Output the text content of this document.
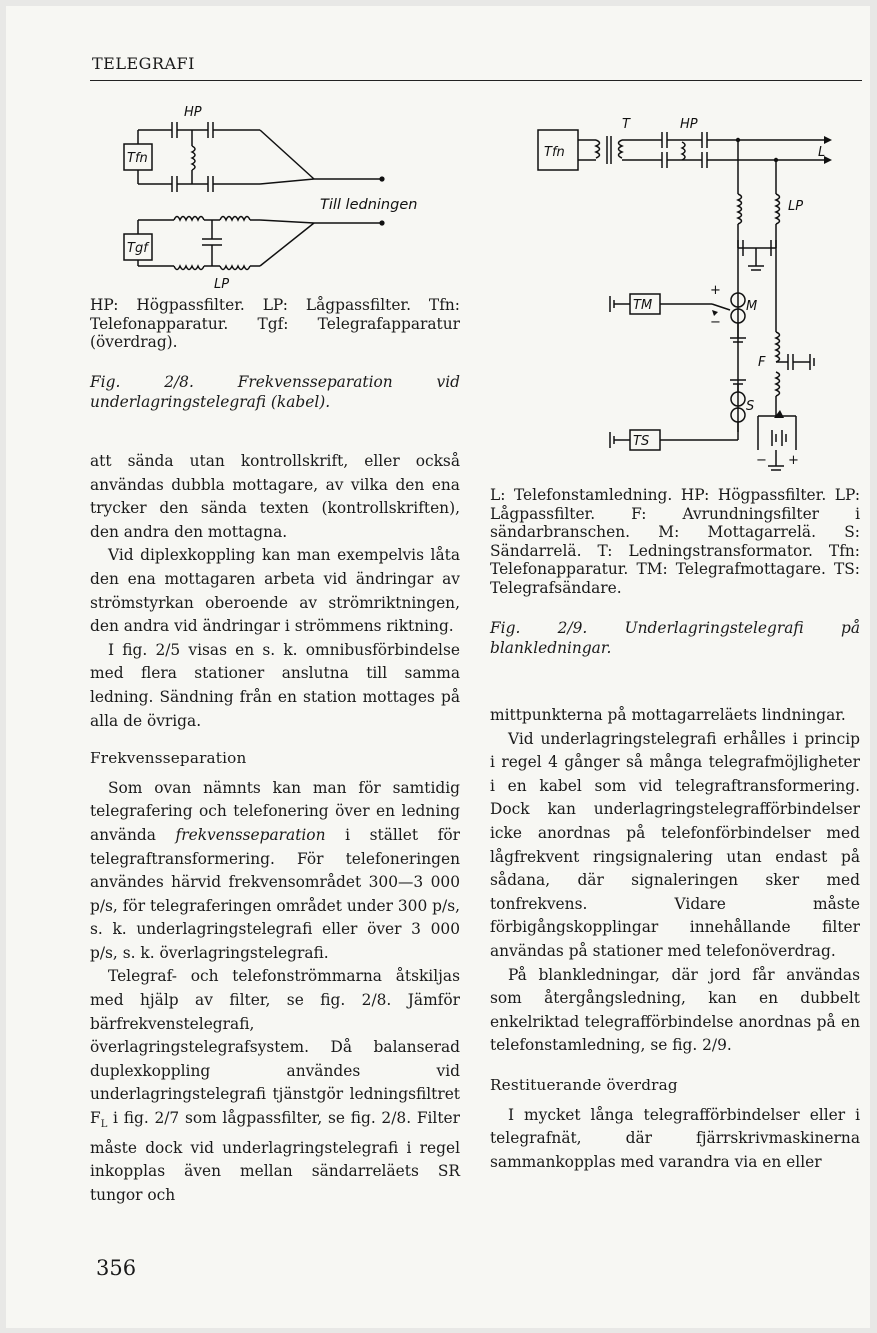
TELEGRAFI
Tfn
Tgf
HP
LP
Till ledningen

HP: Högpassfilter. LP: Lågpassfilter. Tfn: Telefonapparatur. Tgf: Telegrafapparatur (överdrag).

Fig. 2/8. Frekvensseparation vid underlagringstelegrafi (kabel).

att sända utan kontrollskrift, eller också användas dubbla mottagare, av vilka den ena trycker den sända texten (kontrollskriften), den andra den mottagna.

Vid diplexkoppling kan man exempelvis låta den ena mottagaren arbeta vid ändringar av strömstyrkan oberoende av strömriktningen, den andra vid ändringar i strömmens riktning.

I fig. 2/5 visas en s. k. omnibusförbindelse med flera stationer anslutna till samma ledning. Sändning från en station mottages på alla de övriga.

Frekvensseparation

Som ovan nämnts kan man för samtidig telegrafering och telefonering över en ledning använda frekvensseparation i stället för telegraftransformering. För telefoneringen användes härvid frekvensområdet 300—3 000 p/s, för telegraferingen området under 300 p/s, s. k. underlagringstelegrafi eller över 3 000 p/s, s. k. överlagringstelegrafi.

Telegraf- och telefonströmmarna åtskiljas med hjälp av filter, se fig. 2/8. Jämför bärfrekvenstelegrafi, överlagringstelegrafsystem. Då balanserad duplexkoppling användes vid underlagringstelegrafi tjänstgör ledningsfiltret $F_L$ i fig. 2/7 som lågpassfilter, se fig. 2/8. Filter måste dock vid underlagringstelegrafi i regel inkopplas även mellan sändarreläets SR tungor och

Tfn
T	HP
L
LP
TM	M
F
S
TS
+
−
− +

L: Telefonstamledning. HP: Högpassfilter. LP: Lågpassfilter. F: Avrundningsfilter i sändarbranschen. M: Mottagarrelä. S: Sändarrelä. T: Ledningstransformator. Tfn: Telefonapparatur. TM: Telegrafmottagare. TS: Telegrafsändare.

Fig. 2/9. Underlagringstelegrafi på blankledningar.

mittpunkterna på mottagarreläets lindningar.

Vid underlagringstelegrafi erhålles i princip i regel 4 gånger så många telegrafmöjligheter i en kabel som vid telegraftransformering. Dock kan underlagringstelegrafförbindelser icke anordnas på telefonförbindelser med lågfrekvent ringsignalering utan endast på sådana, där signaleringen sker med tonfrekvens. Vidare måste förbigångskopplingar innehållande filter användas på stationer med telefonöverdrag.

På blankledningar, där jord får användas som återgångsledning, kan en dubbelt enkelriktad telegrafförbindelse anordnas på en telefonstamledning, se fig. 2/9.

Restituerande överdrag

I mycket långa telegrafförbindelser eller i telegrafnät, där fjärrskrivmaskinerna sammankopplas med varandra via en eller

356
